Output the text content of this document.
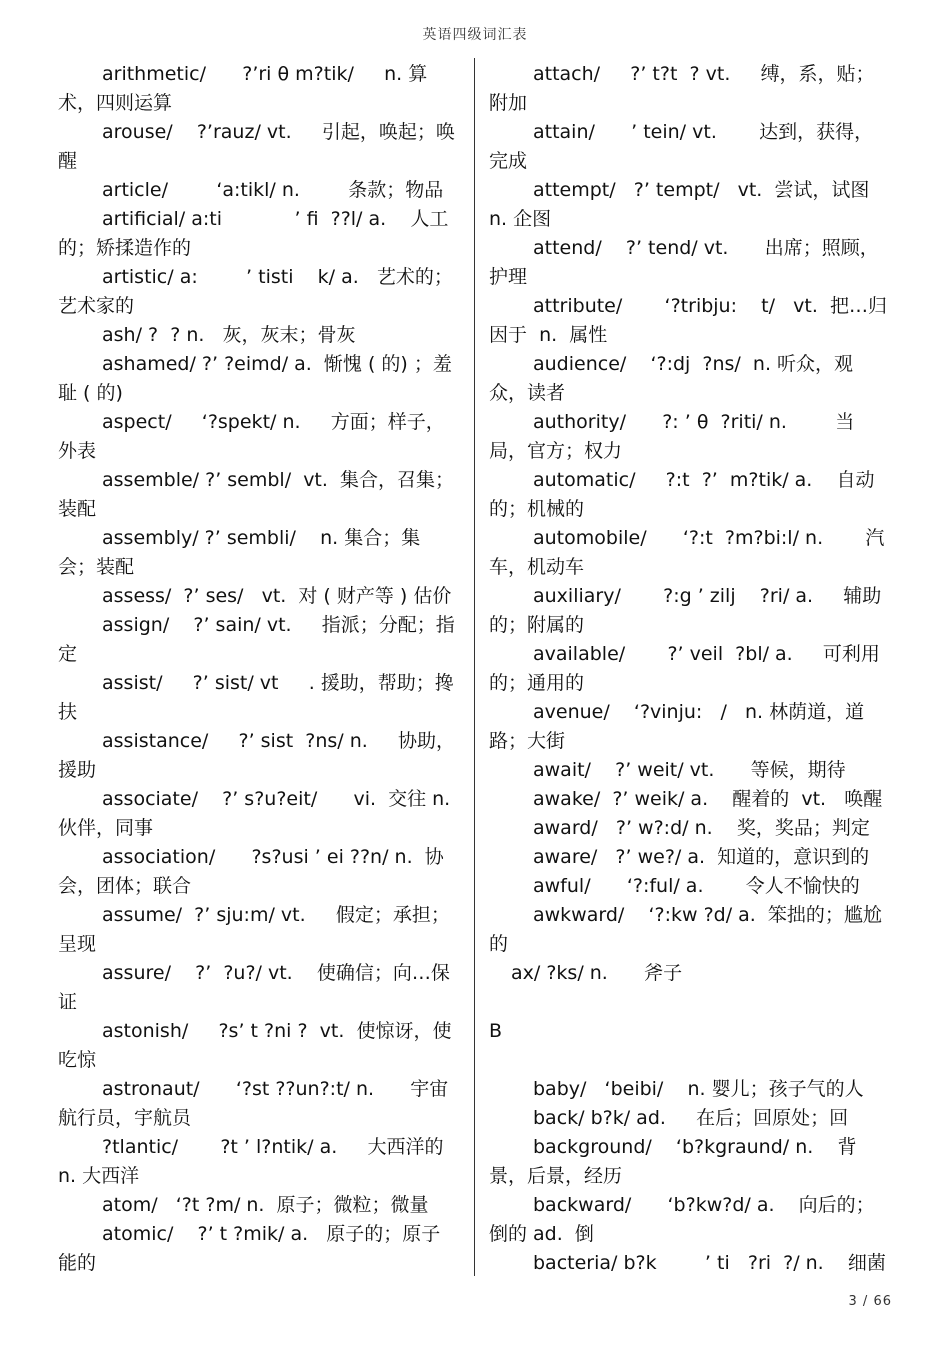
英语四级词汇表

arithmetic/      ?’ri θ m?tik/     n. 算术，四则运算

arouse/    ?’rauz/ vt.     引起，唤起；唤醒

article/        ‘a:tikl/ n.        条款；物品

artificial/ a:ti            ’ fi  ??l/ a.    人工的；矫揉造作的

artistic/ a:        ’ tisti    k/ a.   艺术的；艺术家的

ash/ ?  ? n.   灰，灰末；骨灰

ashamed/ ?’ ?eimd/ a.  惭愧 ( 的) ；羞耻 ( 的)

aspect/     ‘?spekt/ n.     方面；样子，外表

assemble/ ?’ sembl/  vt.  集合，召集；装配

assembly/ ?’ sembli/    n. 集合；集会；装配

assess/  ?’ ses/   vt.  对 ( 财产等 ) 估价

assign/    ?’ sain/ vt.     指派；分配；指定

assist/     ?’ sist/ vt     . 援助，帮助；搀扶

assistance/     ?’ sist  ?ns/ n.     协助，援助

associate/    ?’ s?u?eit/      vi.  交往 n. 伙伴，同事

association/      ?s?usi ’ ei ??n/ n.  协会，团体；联合

assume/  ?’ sju:m/ vt.     假定；承担；呈现

assure/    ?’  ?u?/ vt.    使确信；向…保证

astonish/     ?s’ t ?ni ?  vt.  使惊讶，使吃惊

astronaut/      ‘?st ??un?:t/ n.      宇宙航行员，宇航员

?tlantic/       ?t ’ l?ntik/ a.     大西洋的 n. 大西洋

atom/   ‘?t ?m/ n.  原子；微粒；微量

atomic/    ?’ t ?mik/ a.   原子的；原子能的

attach/     ?’ t?t  ? vt.     缚，系，贴；附加

attain/      ’ tein/ vt.       达到，获得，完成

attempt/   ?’ tempt/   vt.  尝试，试图 n. 企图

attend/    ?’ tend/ vt.      出席；照顾，护理

attribute/       ‘?tribju:    t/   vt.  把…归因于  n.  属性

audience/    ‘?:dj  ?ns/  n. 听众，观众，读者

authority/      ?: ’ θ  ?riti/ n.        当局，官方；权力

automatic/     ?:t  ?’  m?tik/ a.    自动的；机械的

automobile/      ‘?:t  ?m?bi:l/ n.       汽车，机动车

auxiliary/       ?:g ’ zilj    ?ri/ a.     辅助的；附属的

available/       ?’ veil  ?bl/ a.     可利用的；通用的

avenue/    ‘?vinju:   /   n. 林荫道，道路；大街

await/    ?’ weit/ vt.      等候，期待

awake/  ?’ weik/ a.    醒着的  vt.   唤醒

award/   ?’ w?:d/ n.    奖，奖品；判定

aware/   ?’ we?/ a.  知道的，意识到的

awful/      ‘?:ful/ a.       令人不愉快的

awkward/    ‘?:kw ?d/ a.  笨拙的；尴尬的

ax/ ?ks/ n.      斧子

B

baby/   ‘beibi/    n. 婴儿；孩子气的人

back/ b?k/ ad.     在后；回原处；回

background/    ‘b?kgraund/ n.    背景，后景，经历

backward/      ‘b?kw?d/ a.    向后的；倒的 ad.  倒

bacteria/ b?k        ’ ti   ?ri  ?/ n.    细菌

3 / 66
